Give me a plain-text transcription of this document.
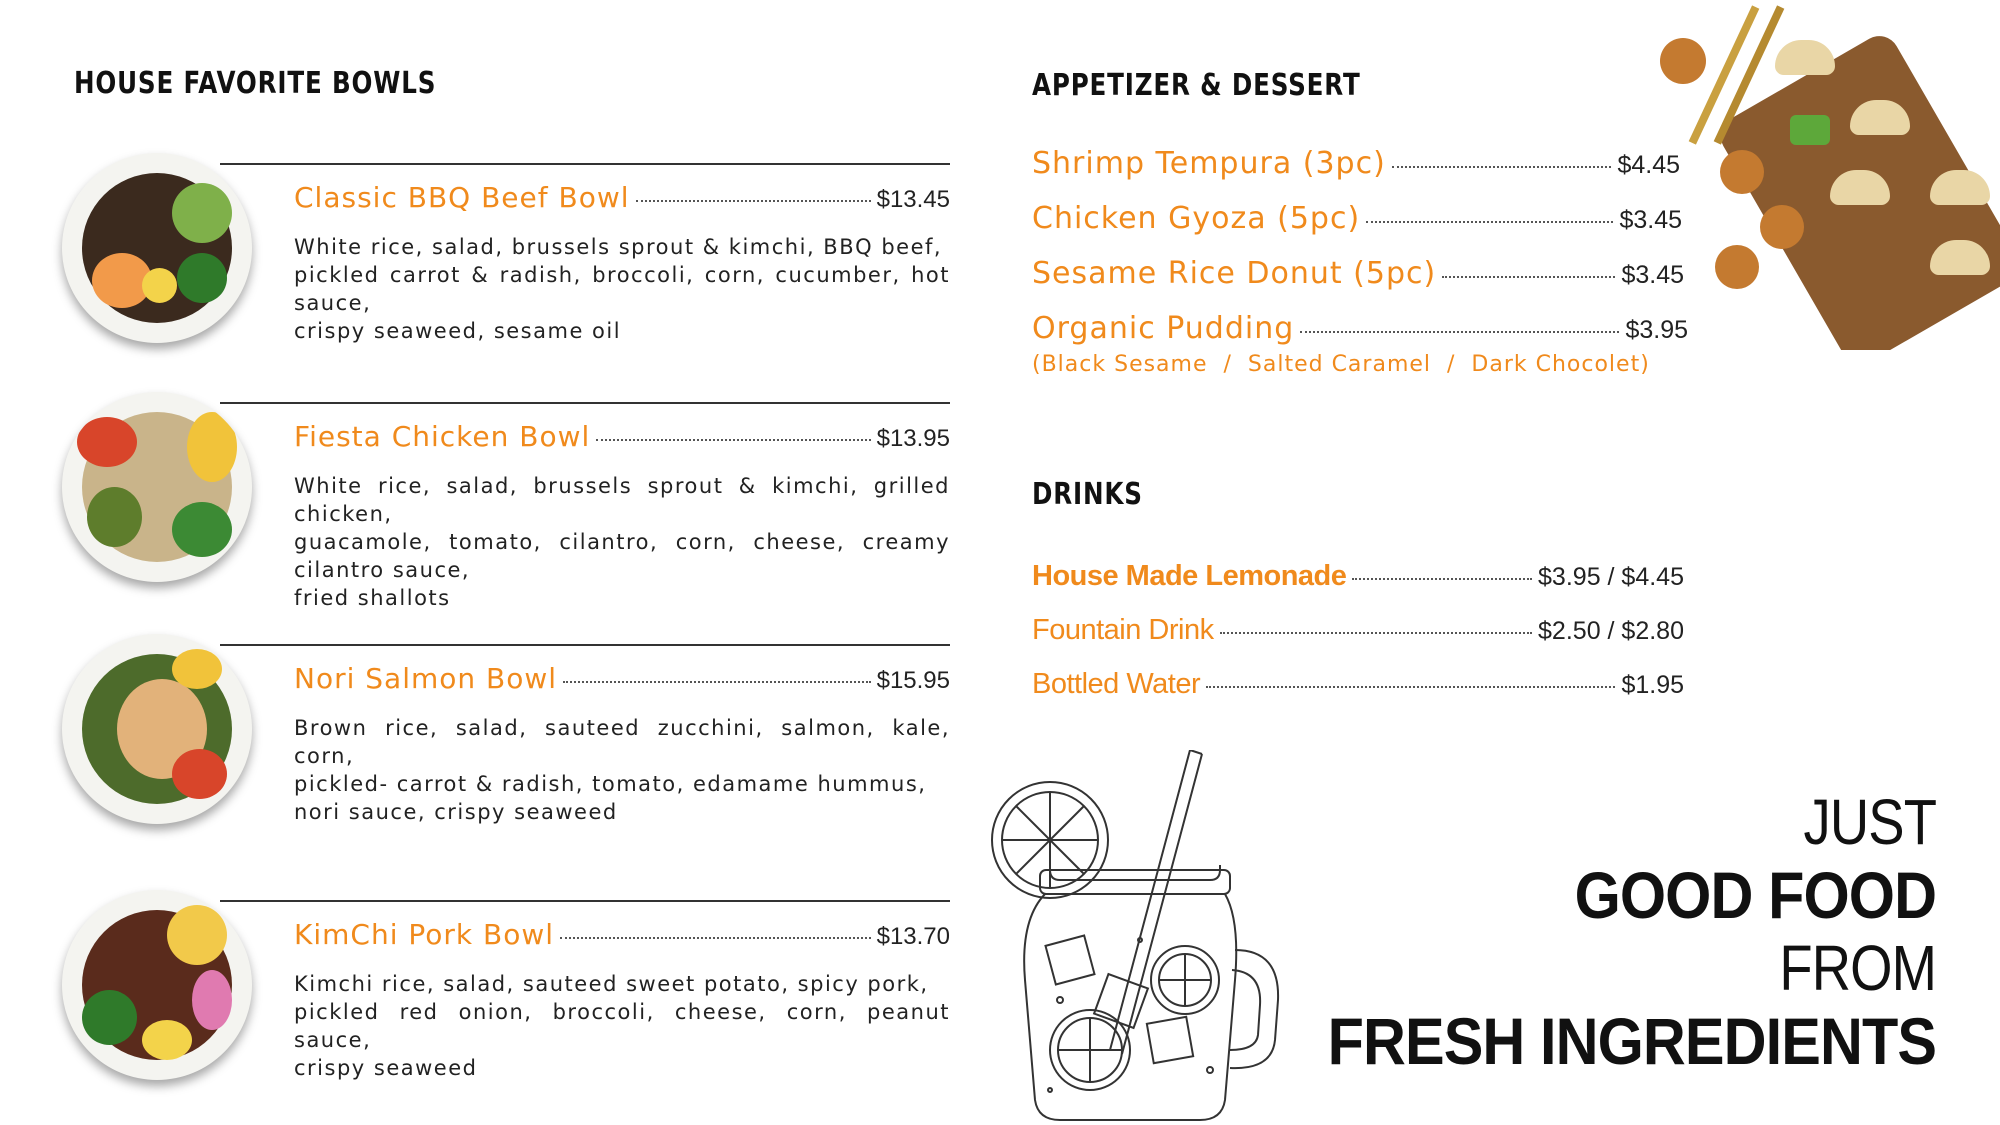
HOUSE FAVORITE BOWLS
Classic BBQ Beef Bowl	$13.45
White rice, salad, brussels sprout & kimchi, BBQ beef,
pickled carrot & radish, broccoli, corn, cucumber, hot sauce,
crispy seaweed, sesame oil
Fiesta Chicken Bowl	$13.95
White rice, salad, brussels sprout & kimchi, grilled chicken,
guacamole, tomato, cilantro, corn, cheese, creamy cilantro sauce,
fried shallots
Nori Salmon Bowl	$15.95
Brown rice, salad, sauteed zucchini, salmon, kale, corn,
pickled- carrot & radish, tomato, edamame hummus,
nori sauce, crispy seaweed
KimChi Pork Bowl	$13.70
Kimchi rice, salad, sauteed sweet potato, spicy pork,
pickled red onion, broccoli, cheese, corn, peanut sauce,
crispy seaweed
APPETIZER & DESSERT
Shrimp Tempura (3pc)	$4.45
Chicken Gyoza (5pc)	$3.45
Sesame Rice Donut (5pc)	$3.45
Organic Pudding	$3.95
(Black Sesame  /  Salted Caramel  /  Dark Chocolet)
DRINKS
House Made Lemonade	$3.95 / $4.45
Fountain Drink	$2.50 / $2.80
Bottled Water	$1.95
JUST
GOOD FOOD
FROM
FRESH INGREDIENTS
